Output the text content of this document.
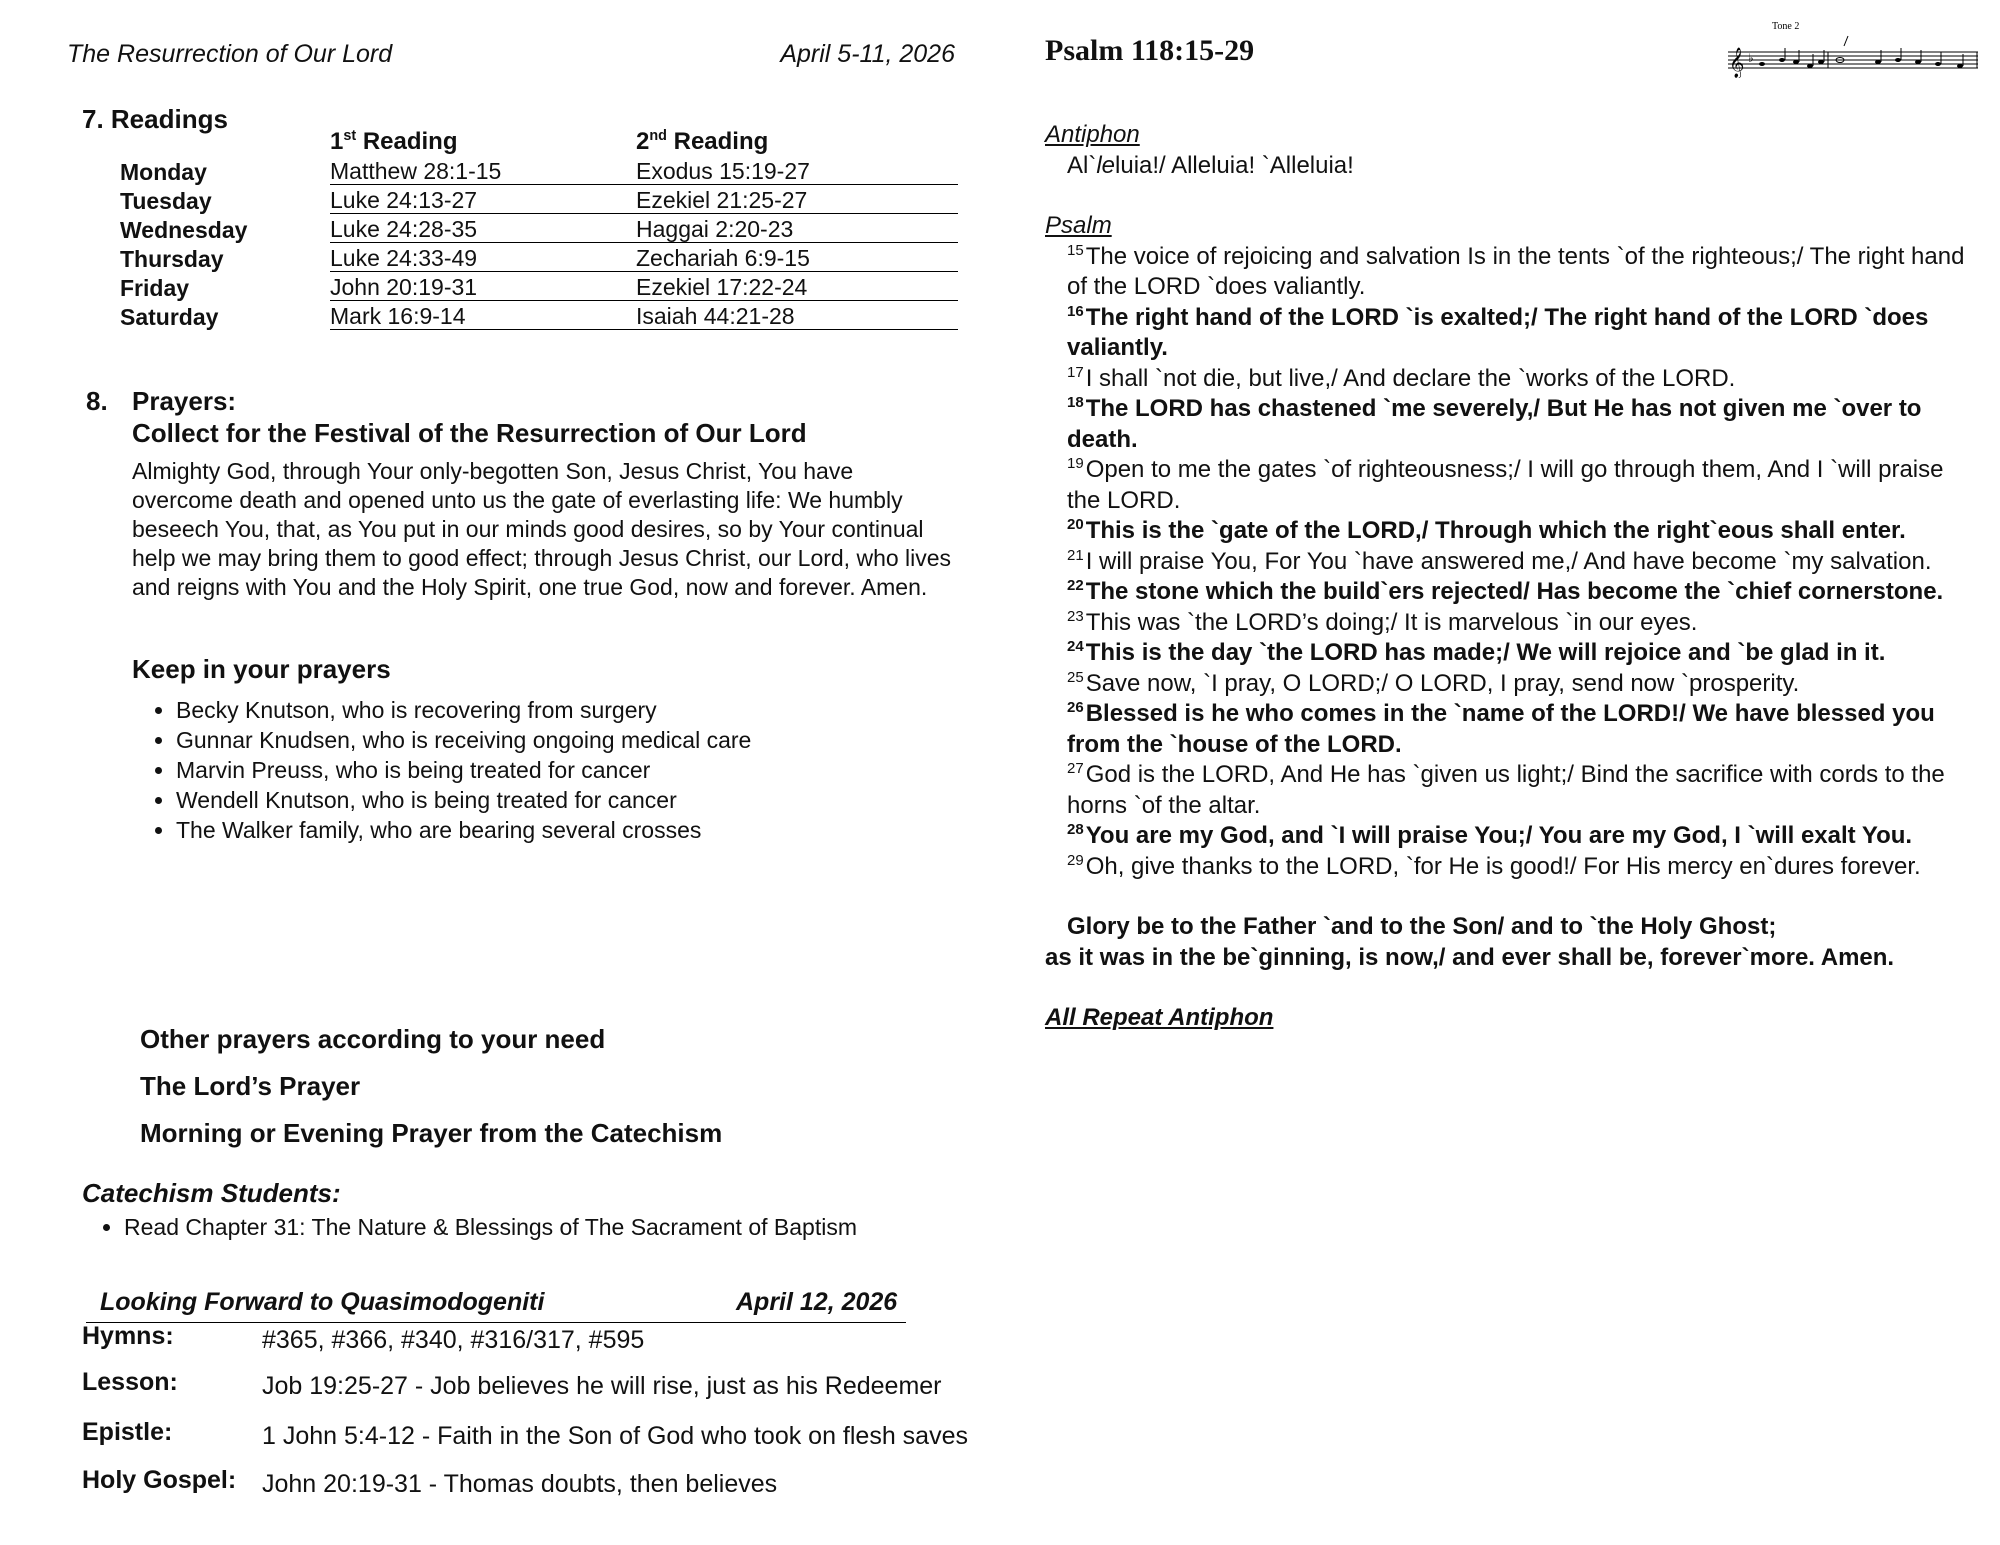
The Resurrection of Our Lord	April 5-11, 2026
7. Readings
	1st Reading	2nd Reading
Monday	Matthew 28:1-15	Exodus 15:19-27
Tuesday	Luke 24:13-27	Ezekiel 21:25-27
Wednesday	Luke 24:28-35	Haggai 2:20-23
Thursday	Luke 24:33-49	Zechariah 6:9-15
Friday	John 20:19-31	Ezekiel 17:22-24
Saturday	Mark 16:9-14	Isaiah 44:21-28
8. Prayers:
Collect for the Festival of the Resurrection of Our Lord
Almighty God, through Your only-begotten Son, Jesus Christ, You have overcome death and opened unto us the gate of everlasting life: We humbly beseech You, that, as You put in our minds good desires, so by Your continual help we may bring them to good effect; through Jesus Christ, our Lord, who lives and reigns with You and the Holy Spirit, one true God, now and forever. Amen.
Keep in your prayers
• Becky Knutson, who is recovering from surgery
• Gunnar Knudsen, who is receiving ongoing medical care
• Marvin Preuss, who is being treated for cancer
• Wendell Knutson, who is being treated for cancer
• The Walker family, who are bearing several crosses
Other prayers according to your need
The Lord’s Prayer
Morning or Evening Prayer from the Catechism
Catechism Students:
• Read Chapter 31: The Nature & Blessings of The Sacrament of Baptism
Looking Forward to Quasimodogeniti	April 12, 2026
Hymns:	#365, #366, #340, #316/317, #595
Lesson:	Job 19:25-27 - Job believes he will rise, just as his Redeemer
Epistle:	1 John 5:4-12 - Faith in the Son of God who took on flesh saves
Holy Gospel: John 20:19-31 - Thomas doubts, then believes
Psalm 118:15-29
Tone 2
𝄞 ♭

Antiphon

Al`leluia!/ Alleluia! `Alleluia!

Psalm

$^{15}$The voice of rejoicing and salvation Is in the tents `of the righteous;/ The right hand of the LORD `does valiantly.

$^{16}$The right hand of the LORD `is exalted;/ The right hand of the LORD `does valiantly.

$^{17}$I shall `not die, but live,/ And declare the `works of the LORD.

$^{18}$The LORD has chastened `me severely,/ But He has not given me `over to death.

$^{19}$Open to me the gates `of righteousness;/ I will go through them, And I `will praise the LORD.

$^{20}$This is the `gate of the LORD,/ Through which the right`eous shall enter.

$^{21}$I will praise You, For You `have answered me,/ And have become `my salvation.

$^{22}$The stone which the build`ers rejected/ Has become the `chief cornerstone.

$^{23}$This was `the LORD’s doing;/ It is marvelous `in our eyes.

$^{24}$This is the day `the LORD has made;/ We will rejoice and `be glad in it.

$^{25}$Save now, `I pray, O LORD;/ O LORD, I pray, send now `prosperity.

$^{26}$Blessed is he who comes in the `name of the LORD!/ We have blessed you from the `house of the LORD.

$^{27}$God is the LORD, And He has `given us light;/ Bind the sacrifice with cords to the horns `of the altar.

$^{28}$You are my God, and `I will praise You;/ You are my God, I `will exalt You.

$^{29}$Oh, give thanks to the LORD, `for He is good!/ For His mercy en`dures forever.

Glory be to the Father `and to the Son/ and to `the Holy Ghost;

as it was in the be`ginning, is now,/ and ever shall be, forever`more. Amen.

All Repeat Antiphon
